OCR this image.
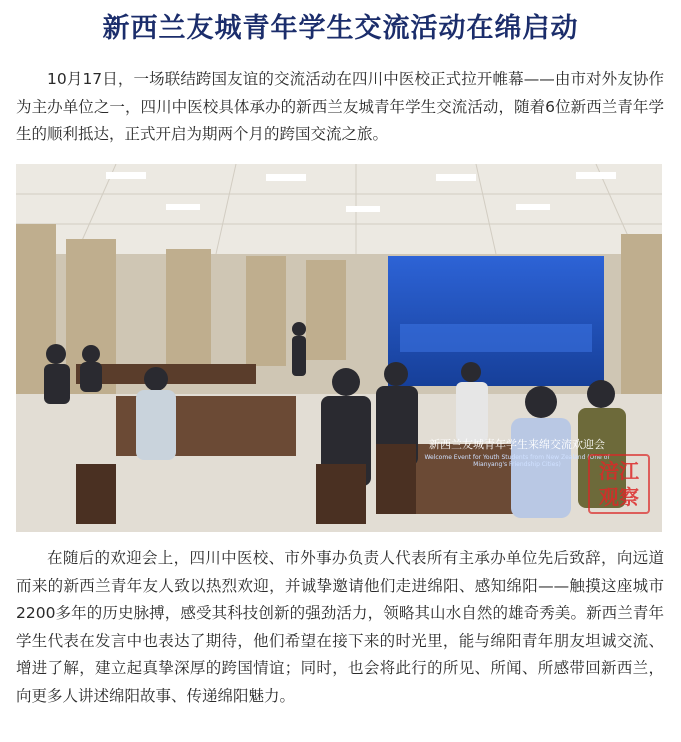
新西兰友城青年学生交流活动在绵启动

10月17日，一场联结跨国友谊的交流活动在四川中医校正式拉开帷幕——由市对外友协作为主办单位之一，四川中医校具体承办的新西兰友城青年学生交流活动，随着6位新西兰青年学生的顺利抵达，正式开启为期两个月的跨国交流之旅。

新西兰友城青年学生来绵交流欢迎会
Welcome Event for Youth Students from New Zealand (One of Mianyang's Friendship Cities)	涪江
观察

在随后的欢迎会上，四川中医校、市外事办负责人代表所有主承办单位先后致辞，向远道而来的新西兰青年友人致以热烈欢迎，并诚挚邀请他们走进绵阳、感知绵阳——触摸这座城市2200多年的历史脉搏，感受其科技创新的强劲活力，领略其山水自然的雄奇秀美。新西兰青年学生代表在发言中也表达了期待，他们希望在接下来的时光里，能与绵阳青年朋友坦诚交流、增进了解，建立起真挚深厚的跨国情谊；同时，也会将此行的所见、所闻、所感带回新西兰，向更多人讲述绵阳故事、传递绵阳魅力。
